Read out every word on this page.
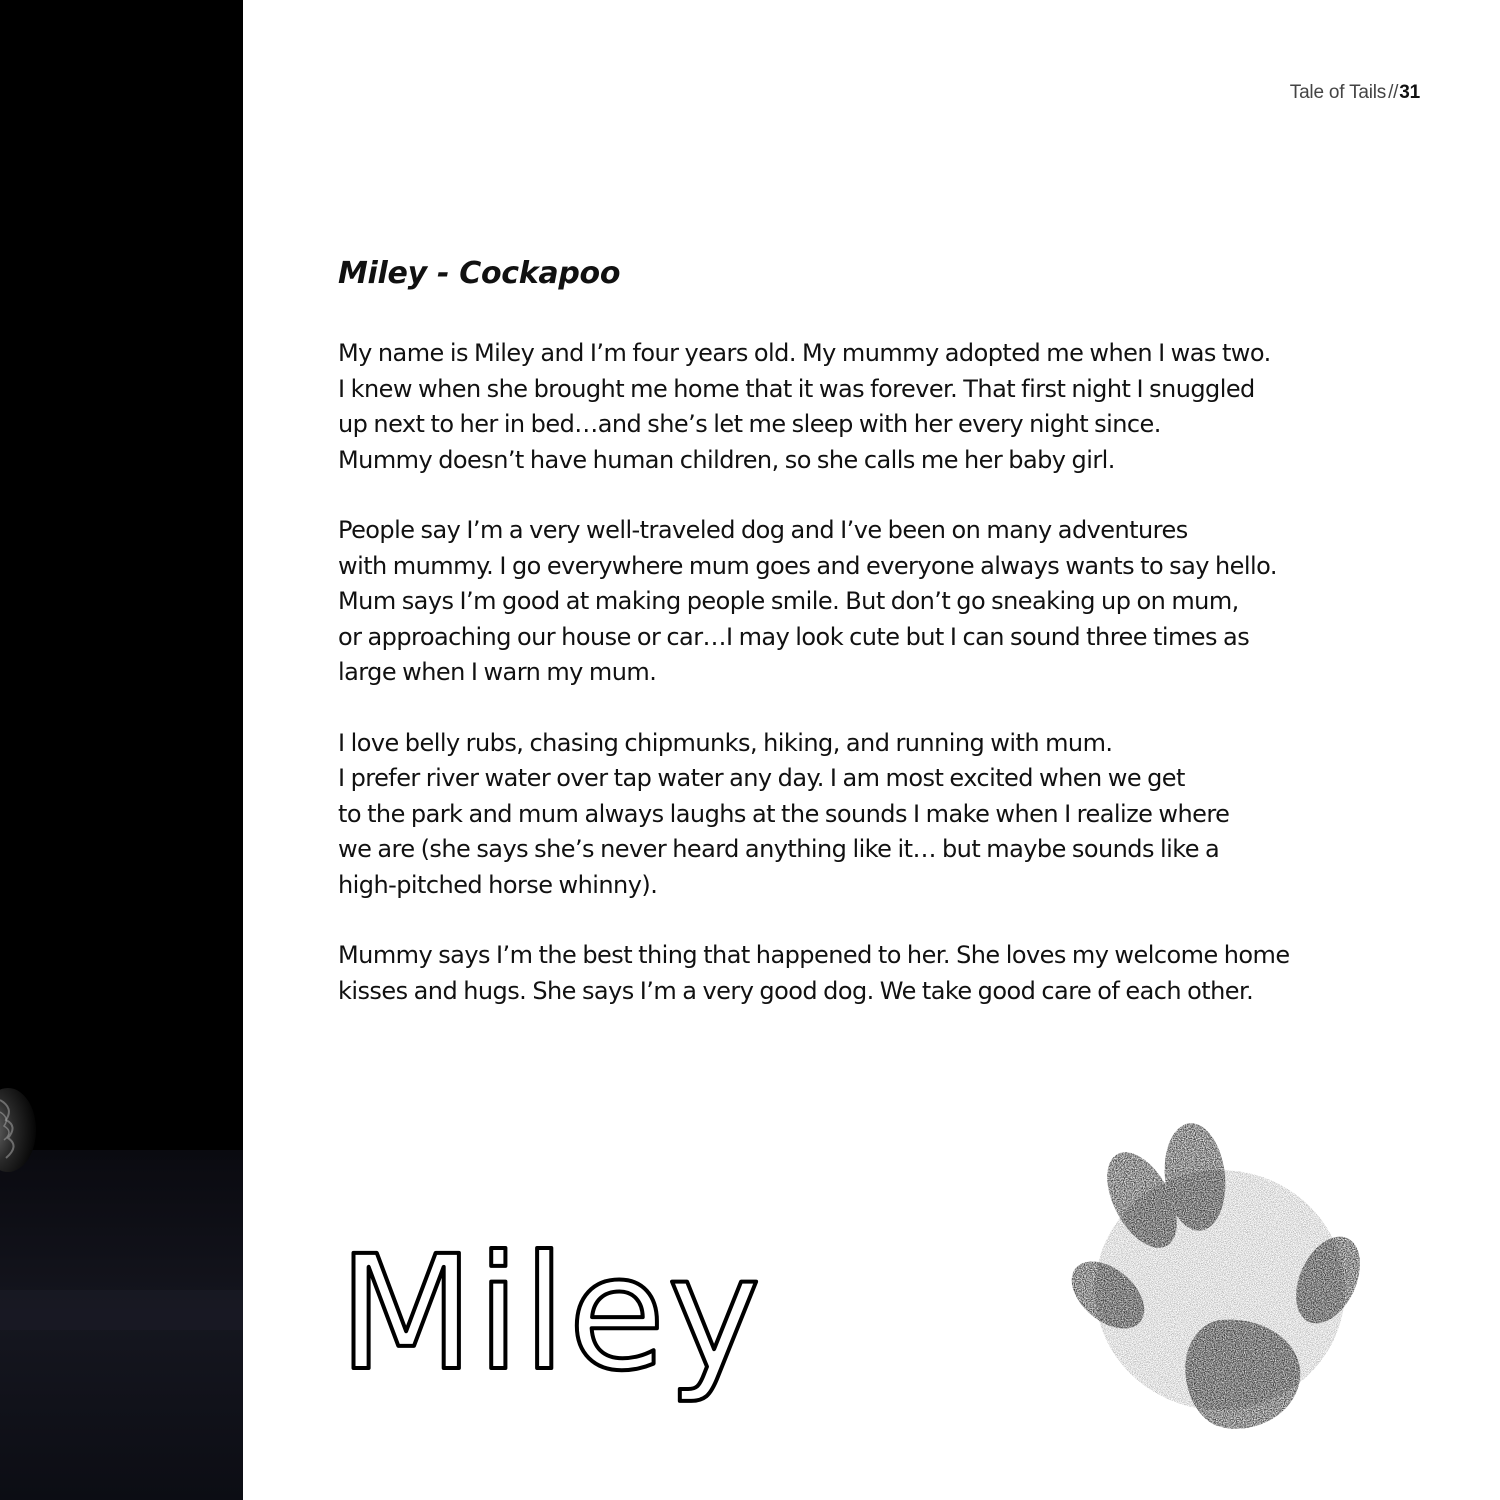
Tale of Tails //31
Miley - Cockapoo
My name is Miley and I’m four years old. My mummy adopted me when I was two.
I knew when she brought me home that it was forever. That first night I snuggled
up next to her in bed…and she’s let me sleep with her every night since.
Mummy doesn’t have human children, so she calls me her baby girl.
People say I’m a very well-traveled dog and I’ve been on many adventures
with mummy. I go everywhere mum goes and everyone always wants to say hello.
Mum says I’m good at making people smile. But don’t go sneaking up on mum,
or approaching our house or car…I may look cute but I can sound three times as
large when I warn my mum.
I love belly rubs, chasing chipmunks, hiking, and running with mum.
I prefer river water over tap water any day. I am most excited when we get
to the park and mum always laughs at the sounds I make when I realize where
we are (she says she’s never heard anything like it… but maybe sounds like a
high-pitched horse whinny).
Mummy says I’m the best thing that happened to her. She loves my welcome home
kisses and hugs. She says I’m a very good dog. We take good care of each other.
Miley
